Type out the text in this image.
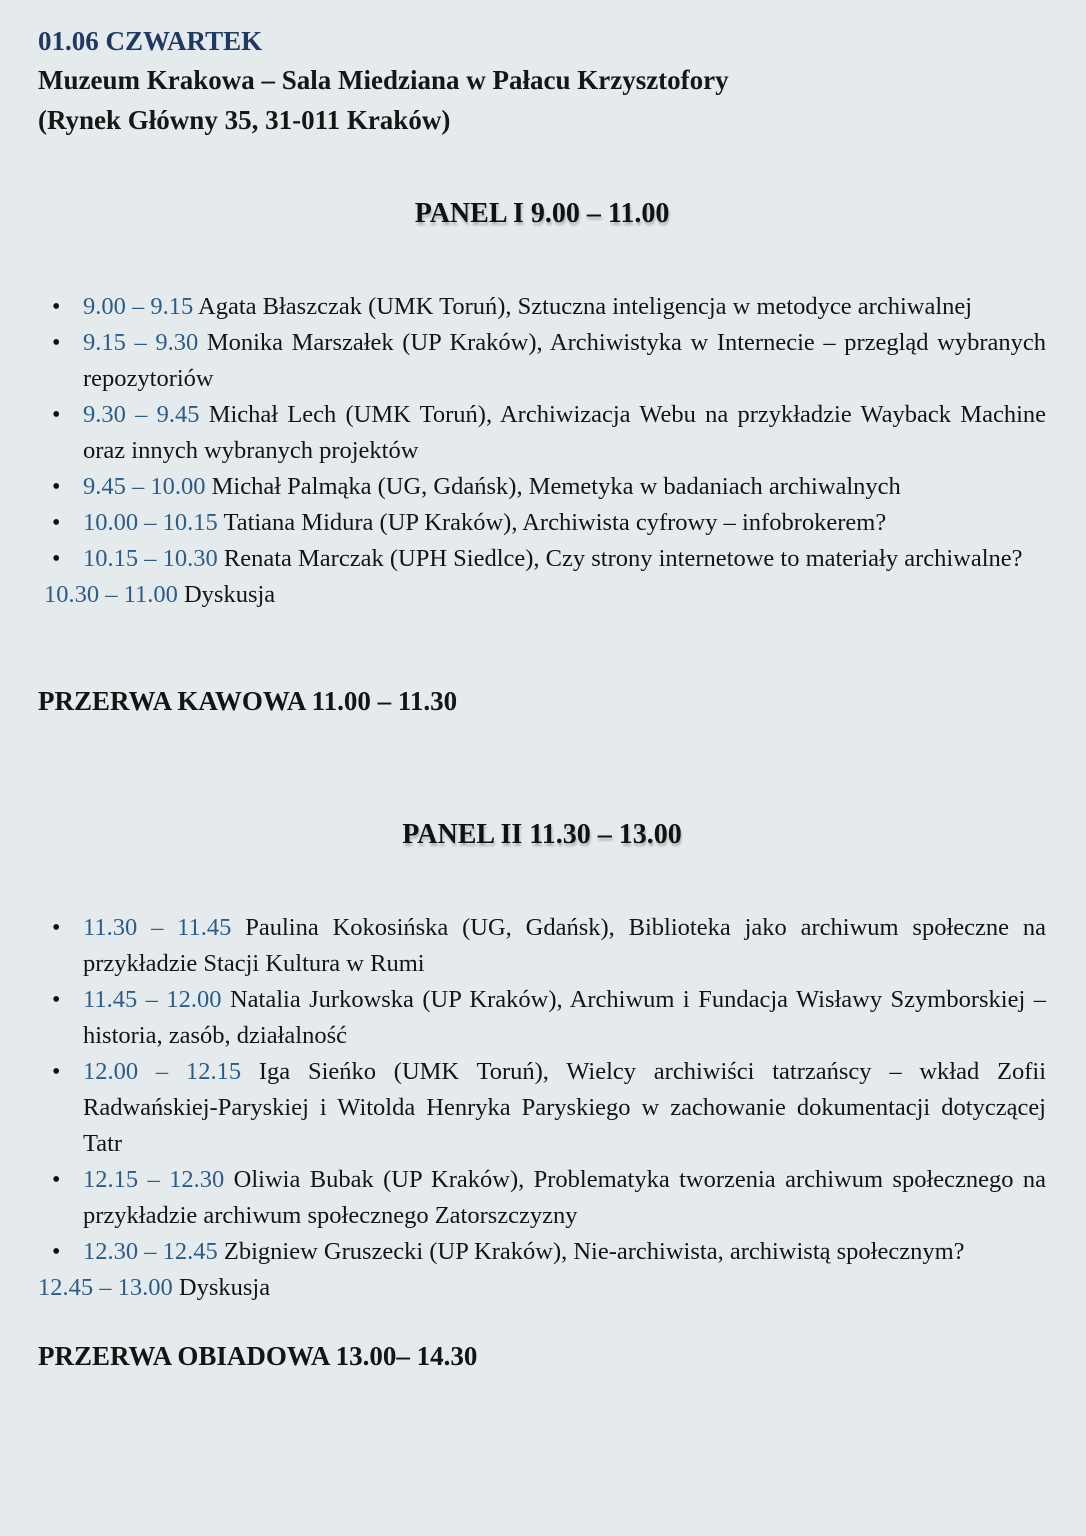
01.06 CZWARTEK
Muzeum Krakowa – Sala Miedziana w Pałacu Krzysztofory
(Rynek Główny 35, 31-011 Kraków)
PANEL I 9.00 – 11.00
• 9.00 – 9.15 Agata Błaszczak (UMK Toruń), Sztuczna inteligencja w metodyce archiwalnej
• 9.15 – 9.30 Monika Marszałek (UP Kraków), Archiwistyka w Internecie – przegląd wybranych repozytoriów
• 9.30 – 9.45 Michał Lech (UMK Toruń), Archiwizacja Webu na przykładzie Wayback Machine oraz innych wybranych projektów
• 9.45 – 10.00 Michał Palmąka (UG, Gdańsk), Memetyka w badaniach archiwalnych
• 10.00 – 10.15 Tatiana Midura (UP Kraków), Archiwista cyfrowy – infobrokerem?
• 10.15 – 10.30 Renata Marczak (UPH Siedlce), Czy strony internetowe to materiały archiwalne?
10.30 – 11.00 Dyskusja
PRZERWA KAWOWA 11.00 – 11.30
PANEL II 11.30 – 13.00
• 11.30 – 11.45 Paulina Kokosińska (UG, Gdańsk), Biblioteka jako archiwum społeczne na przykładzie Stacji Kultura w Rumi
• 11.45 – 12.00 Natalia Jurkowska (UP Kraków), Archiwum i Fundacja Wisławy Szymborskiej – historia, zasób, działalność
• 12.00 – 12.15 Iga Sieńko (UMK Toruń), Wielcy archiwiści tatrzańscy – wkład Zofii Radwańskiej-Paryskiej i Witolda Henryka Paryskiego w zachowanie dokumentacji dotyczącej Tatr
• 12.15 – 12.30 Oliwia Bubak (UP Kraków), Problematyka tworzenia archiwum społecznego na przykładzie archiwum społecznego Zatorszczyzny
• 12.30 – 12.45 Zbigniew Gruszecki (UP Kraków), Nie-archiwista, archiwistą społecznym?
12.45 – 13.00 Dyskusja
PRZERWA OBIADOWA 13.00– 14.30
